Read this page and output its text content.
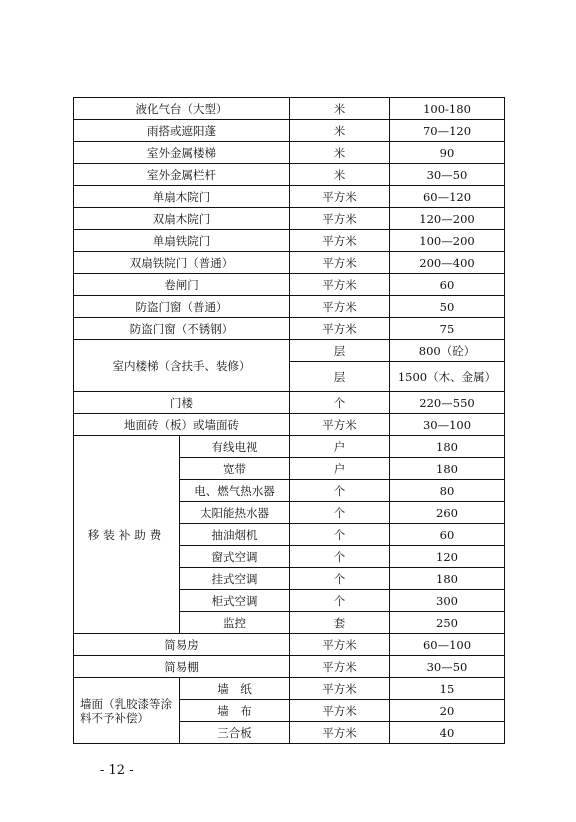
液化气台（大型）		米	100-180
雨搭或遮阳蓬		米	70—120
室外金属楼梯		米	90
室外金属栏杆		米	30—50
单扇木院门		平方米	60—120
双扇木院门		平方米	120—200
单扇铁院门		平方米	100—200
双扇铁院门（普通）		平方米	200—400
卷闸门		平方米	60
防盗门窗（普通）		平方米	50
防盗门窗（不锈钢）		平方米	75
室内楼梯（含扶手、装修）		层	800（砼）
		层	1500（木、金属）
门楼		个	220—550
地面砖（板）或墙面砖		平方米	30—100
移装补助费	有线电视	户	180
	宽带	户	180
	电、燃气热水器	个	80
	太阳能热水器	个	260
	抽油烟机	个	60
	窗式空调	个	120
	挂式空调	个	180
	柜式空调	个	300
	监控	套	250
简易房		平方米	60—100
简易棚		平方米	30—50
墙面（乳胶漆等涂料不予补偿）	墙　纸	平方米	15
	墙　布	平方米	20
	三合板	平方米	40
- 12 -
